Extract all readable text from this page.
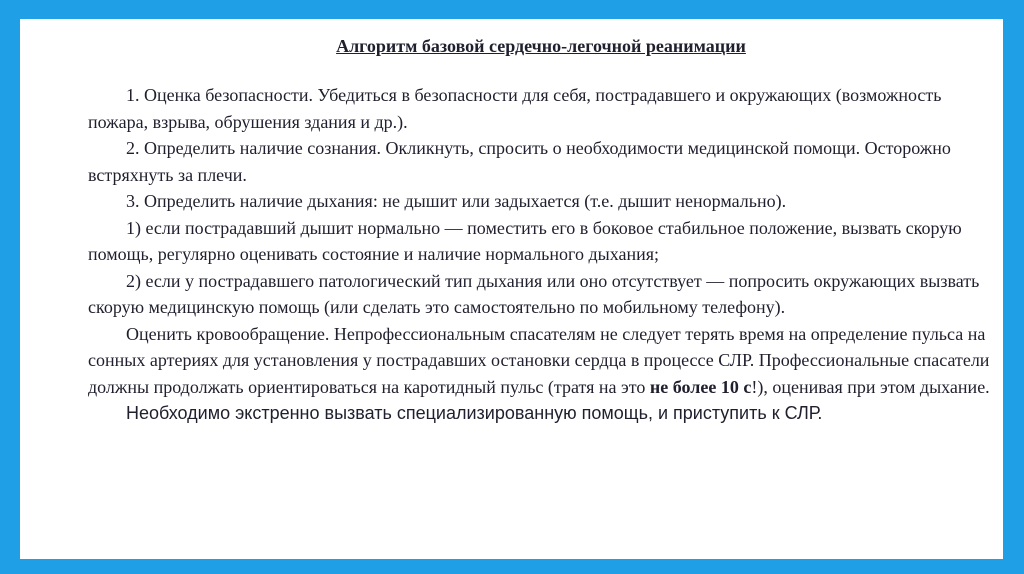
Алгоритм базовой сердечно-легочной реанимации

1. Оценка безопасности. Убедиться в безопасности для себя, пострадавшего и окружающих (возможность пожара, взрыва, обрушения здания и др.).

2. Определить наличие сознания. Окликнуть, спросить о необходимости медицинской помощи. Осторожно встряхнуть за плечи.

3. Определить наличие дыхания: не дышит или задыхается (т.е. дышит ненормально).

1) если пострадавший дышит нормально — поместить его в боковое стабильное положение, вызвать скорую помощь, регулярно оценивать состояние и наличие нормального дыхания;

2) если у пострадавшего патологический тип дыхания или оно отсутствует — попросить окружающих вызвать скорую медицинскую помощь (или сделать это самостоятельно по мобильному телефону).

Оценить кровообращение. Непрофессиональным спасателям не следует терять время на определение пульса на сонных артериях для установления у пострадавших остановки сердца в процессе СЛР. Профессиональные спасатели должны продолжать ориентироваться на каротидный пульс (тратя на это не более 10 с!), оценивая при этом дыхание.

Необходимо экстренно вызвать специализированную помощь, и приступить к СЛР.
